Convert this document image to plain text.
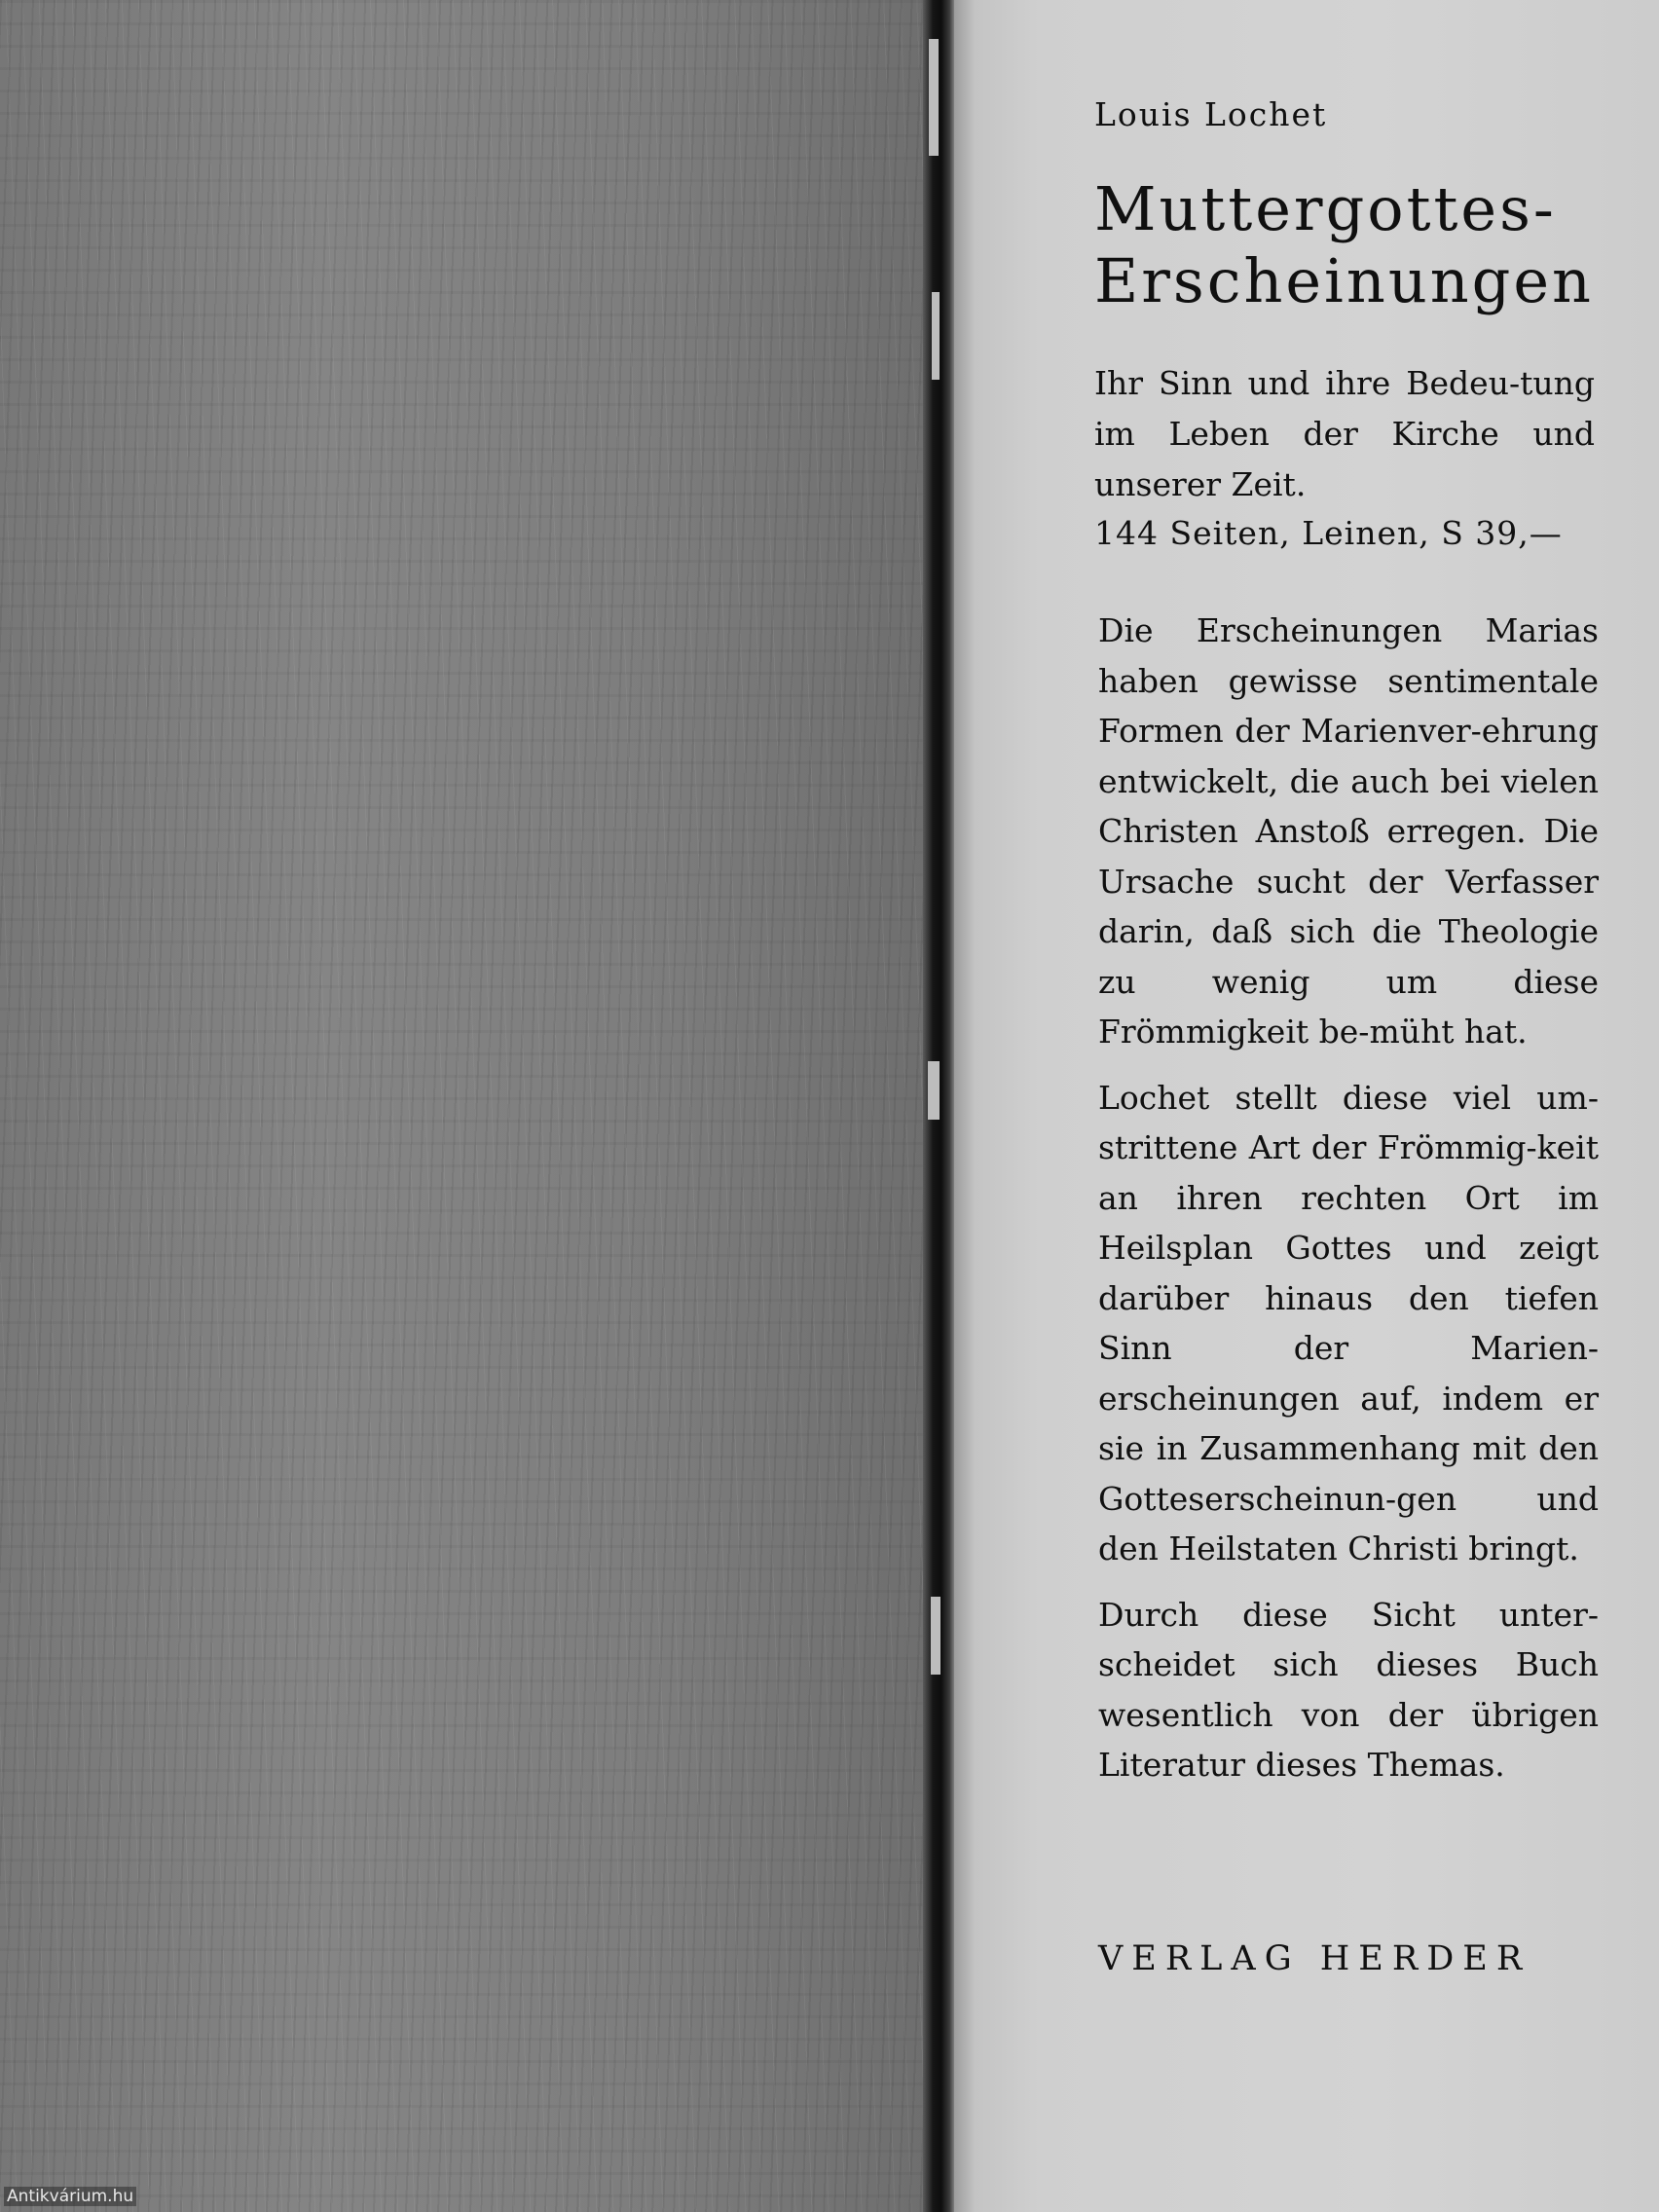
Louis Lochet
Muttergottes-
Erscheinungen
Ihr Sinn und ihre Bedeu-tung im Leben der Kirche und unserer Zeit.
144 Seiten, Leinen, S 39,—

Die Erscheinungen Marias haben gewisse sentimentale Formen der Marienver-ehrung entwickelt, die auch bei vielen Christen Anstoß erregen. Die Ursache sucht der Verfasser darin, daß sich die Theologie zu wenig um diese Frömmigkeit be-müht hat.

Lochet stellt diese viel um-strittene Art der Frömmig-keit an ihren rechten Ort im Heilsplan Gottes und zeigt darüber hinaus den tiefen Sinn der Marien-erscheinungen auf, indem er sie in Zusammenhang mit den Gotteserscheinun-gen und den Heilstaten Christi bringt.

Durch diese Sicht unter-scheidet sich dieses Buch wesentlich von der übrigen Literatur dieses Themas.

VERLAG HERDER
Antikvárium.hu
